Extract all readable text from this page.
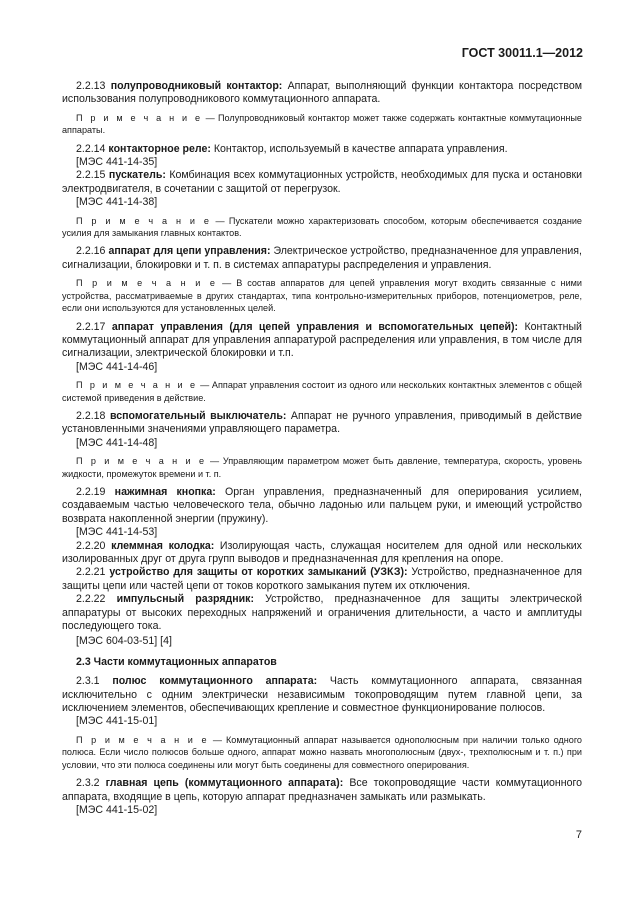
ГОСТ 30011.1—2012

2.2.13 полупроводниковый контактор: Аппарат, выполняющий функции контактора посредством использования полупроводникового коммутационного аппарата.

П р и м е ч а н и е — Полупроводниковый контактор может также содержать контактные коммутационные аппараты.

2.2.14 контакторное реле: Контактор, используемый в качестве аппарата управления.

[МЭС 441-14-35]

2.2.15 пускатель: Комбинация всех коммутационных устройств, необходимых для пуска и остановки электродвигателя, в сочетании с защитой от перегрузок.

[МЭС 441-14-38]

П р и м е ч а н и е — Пускатели можно характеризовать способом, которым обеспечивается создание усилия для замыкания главных контактов.

2.2.16 аппарат для цепи управления: Электрическое устройство, предназначенное для управления, сигнализации, блокировки и т. п. в системах аппаратуры распределения и управления.

П р и м е ч а н и е — В состав аппаратов для цепей управления могут входить связанные с ними устройства, рассматриваемые в других стандартах, типа контрольно-измерительных приборов, потенциометров, реле, если они используются для установленных целей.

2.2.17 аппарат управления (для цепей управления и вспомогательных цепей): Контактный коммутационный аппарат для управления аппаратурой распределения или управления, в том числе для сигнализации, электрической блокировки и т.п.

[МЭС 441-14-46]

П р и м е ч а н и е — Аппарат управления состоит из одного или нескольких контактных элементов с общей системой приведения в действие.

2.2.18 вспомогательный выключатель: Аппарат не ручного управления, приводимый в действие установленными значениями управляющего параметра.

[МЭС 441-14-48]

П р и м е ч а н и е — Управляющим параметром может быть давление, температура, скорость, уровень жидкости, промежуток времени и т. п.

2.2.19 нажимная кнопка: Орган управления, предназначенный для оперирования усилием, создаваемым частью человеческого тела, обычно ладонью или пальцем руки, и имеющий устройство возврата накопленной энергии (пружину).

[МЭС 441-14-53]

2.2.20 клеммная колодка: Изолирующая часть, служащая носителем для одной или нескольких изолированных друг от друга групп выводов и предназначенная для крепления на опоре.

2.2.21 устройство для защиты от коротких замыканий (УЗКЗ): Устройство, предназначенное для защиты цепи или частей цепи от токов короткого замыкания путем их отключения.

2.2.22 импульсный разрядник: Устройство, предназначенное для защиты электрической аппаратуры от высоких переходных напряжений и ограничения длительности, а часто и амплитуды последующего тока.

[МЭС 604-03-51] [4]

2.3 Части коммутационных аппаратов

2.3.1 полюс коммутационного аппарата: Часть коммутационного аппарата, связанная исключительно с одним электрически независимым токопроводящим путем главной цепи, за исключением элементов, обеспечивающих крепление и совместное функционирование полюсов.

[МЭС 441-15-01]

П р и м е ч а н и е — Коммутационный аппарат называется однополюсным при наличии только одного полюса. Если число полюсов больше одного, аппарат можно назвать многополюсным (двух-, трехполюсным и т. п.) при условии, что эти полюса соединены или могут быть соединены для совместного оперирования.

2.3.2 главная цепь (коммутационного аппарата): Все токопроводящие части коммутационного аппарата, входящие в цепь, которую аппарат предназначен замыкать или размыкать.

[МЭС 441-15-02]

7
